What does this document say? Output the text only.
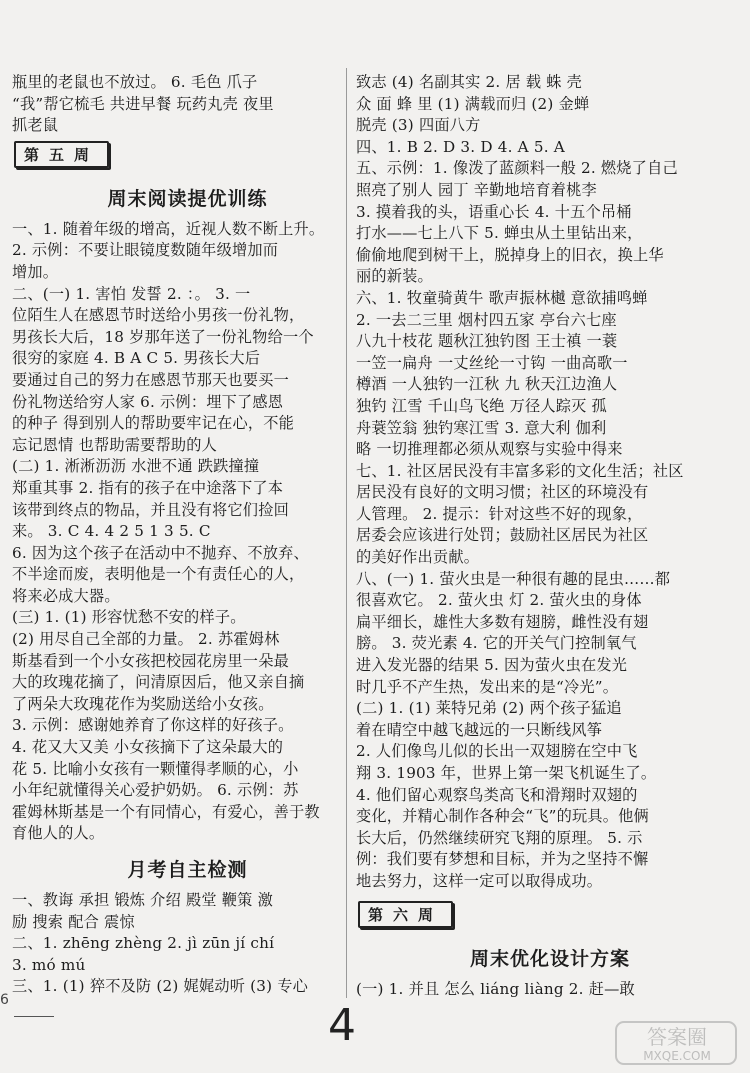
瓶里的老鼠也不放过。 6. 毛色 爪子
“我”帮它梳毛 共进早餐 玩药丸壳 夜里
抓老鼠
第五周
周末阅读提优训练
一、1. 随着年级的增高，近视人数不断上升。
2. 示例：不要让眼镜度数随年级增加而
增加。
二、(一) 1. 害怕 发誓 2. ：。 3. 一
位陌生人在感恩节时送给小男孩一份礼物，
男孩长大后，18 岁那年送了一份礼物给一个
很穷的家庭 4. B A C 5. 男孩长大后
要通过自己的努力在感恩节那天也要买一
份礼物送给穷人家 6. 示例：埋下了感恩
的种子 得到别人的帮助要牢记在心，不能
忘记恩情 也帮助需要帮助的人
(二) 1. 淅淅沥沥 水泄不通 跌跌撞撞
郑重其事 2. 指有的孩子在中途落下了本
该带到终点的物品，并且没有将它们捡回
来。 3. C 4. 4 2 5 1 3 5. C
6. 因为这个孩子在活动中不抛弃、不放弃、
不半途而废，表明他是一个有责任心的人，
将来必成大器。
(三) 1. (1) 形容忧愁不安的样子。
(2) 用尽自己全部的力量。 2. 苏霍姆林
斯基看到一个小女孩把校园花房里一朵最
大的玫瑰花摘了，问清原因后，他又亲自摘
了两朵大玫瑰花作为奖励送给小女孩。
3. 示例：感谢她养育了你这样的好孩子。
4. 花又大又美 小女孩摘下了这朵最大的
花 5. 比喻小女孩有一颗懂得孝顺的心，小
小年纪就懂得关心爱护奶奶。 6. 示例：苏
霍姆林斯基是一个有同情心，有爱心，善于教
育他人的人。
月考自主检测
一、教诲 承担 锻炼 介绍 殿堂 鞭策 激
励 搜索 配合 震惊
二、1. zhēng zhèng 2. jì zūn jí chí
3. mó mú
三、1. (1) 猝不及防 (2) 娓娓动听 (3) 专心
致志 (4) 名副其实 2. 居 载 蛛 壳
众 面 蜂 里 (1) 满载而归 (2) 金蝉
脱壳 (3) 四面八方
四、1. B 2. D 3. D 4. A 5. A
五、示例：1. 像泼了蓝颜料一般 2. 燃烧了自己
照亮了别人 园丁 辛勤地培育着桃李
3. 摸着我的头，语重心长 4. 十五个吊桶
打水——七上八下 5. 蝉虫从土里钻出来，
偷偷地爬到树干上，脱掉身上的旧衣，换上华
丽的新装。
六、1. 牧童骑黄牛 歌声振林樾 意欲捕鸣蝉
2. 一去二三里 烟村四五家 亭台六七座
八九十枝花 题秋江独钓图 王士禛 一蓑
一笠一扁舟 一丈丝纶一寸钩 一曲高歌一
樽酒 一人独钓一江秋 九 秋天江边渔人
独钓 江雪 千山鸟飞绝 万径人踪灭 孤
舟蓑笠翁 独钓寒江雪 3. 意大利 伽利
略 一切推理都必须从观察与实验中得来
七、1. 社区居民没有丰富多彩的文化生活；社区
居民没有良好的文明习惯；社区的环境没有
人管理。 2. 提示：针对这些不好的现象，
居委会应该进行处罚；鼓励社区居民为社区
的美好作出贡献。
八、(一) 1. 萤火虫是一种很有趣的昆虫……都
很喜欢它。 2. 萤火虫 灯 2. 萤火虫的身体
扁平细长，雄性大多数有翅膀，雌性没有翅
膀。 3. 荧光素 4. 它的开关气门控制氧气
进入发光器的结果 5. 因为萤火虫在发光
时几乎不产生热，发出来的是“冷光”。
(二) 1. (1) 莱特兄弟 (2) 两个孩子猛追
着在晴空中越飞越远的一只断线风筝
2. 人们像鸟儿似的长出一双翅膀在空中飞
翔 3. 1903 年，世界上第一架飞机诞生了。
4. 他们留心观察鸟类高飞和滑翔时双翅的
变化，并精心制作各种会“飞”的玩具。他俩
长大后，仍然继续研究飞翔的原理。 5. 示
例：我们要有梦想和目标，并为之坚持不懈
地去努力，这样一定可以取得成功。
第六周
周末优化设计方案
(一) 1. 并且 怎么 liáng liàng 2. 赶—敢
6	4	答案圈
MXQE.COM
